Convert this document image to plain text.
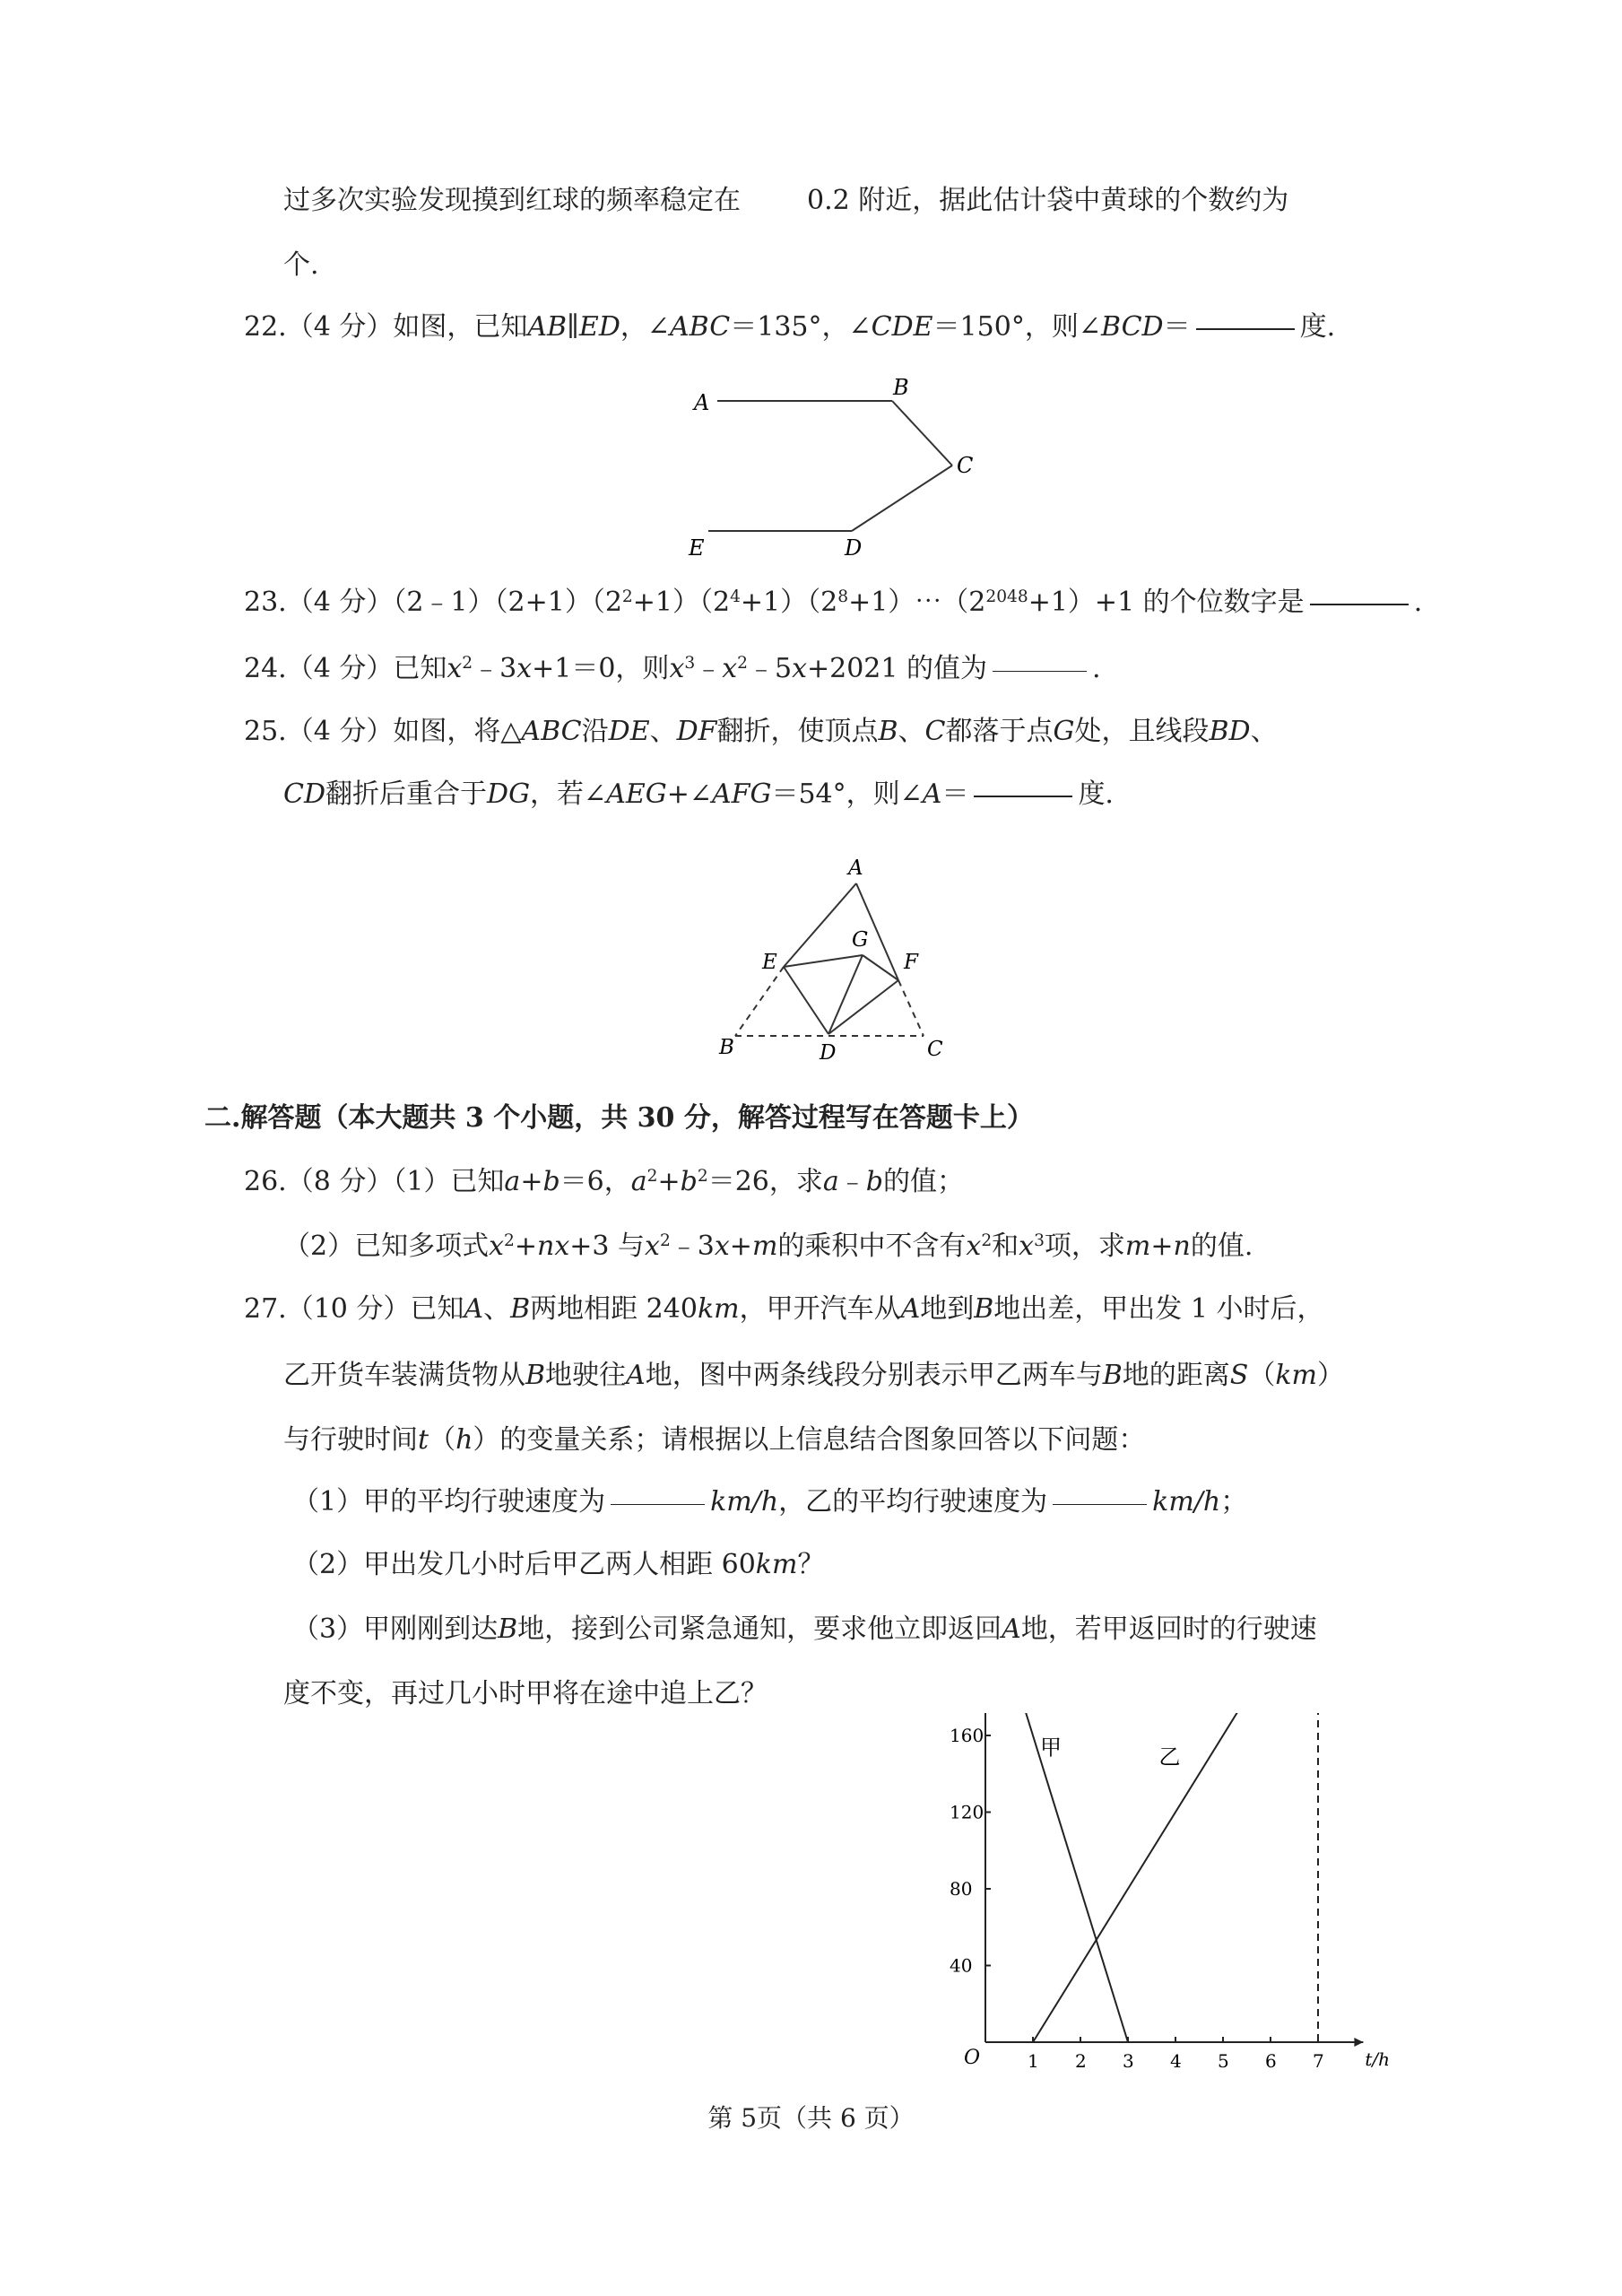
过多次实验发现摸到红球的频率稳定在 0.2 附近，据此估计袋中黄球的个数约为
个.
22.（4 分）如图，已知AB∥ED，∠ABC＝135°，∠CDE＝150°，则∠BCD＝	度.
A
B
C
D
E
23.（4 分）$(2﹣1)(2+1)(2^2+1)(2^4+1)(2^8+1)\cdots(2^{2048}+1)+1$ 的个位数字是	.
24.（4 分）已知$x^2﹣3x+1=0$，则$x^3﹣x^2﹣5x+2021$ 的值为	.
25.（4 分）如图，将△ABC沿DE、DF翻折，使顶点B、C都落于点G处，且线段BD、
CD翻折后重合于DG，若∠AEG+∠AFG＝54°，则∠A＝	度.
A
B	C
D
E	F
G
二.解答题（本大题共 3 个小题，共 30 分，解答过程写在答题卡上）
26.（8 分）（1）已知a+b＝6，$a^2+b^2=26$，求a﹣b的值；
（2）已知多项式$x^2+nx+3$ 与$x^2﹣3x+m$的乘积中不含有$x^2$和$x^3$项，求m+n的值.
27.（10 分）已知A、B两地相距 240km，甲开汽车从A地到B地出差，甲出发 1 小时后，
乙开货车装满货物从B地驶往A地，图中两条线段分别表示甲乙两车与B地的距离S（km）
与行驶时间t（h）的变量关系；请根据以上信息结合图象回答以下问题：
（1）甲的平均行驶速度为	km/h，乙的平均行驶速度为	km/h；
（2）甲出发几小时后甲乙两人相距 60km？
（3）甲刚刚到达B地，接到公司紧急通知，要求他立即返回A地，若甲返回时的行驶速
度不变，再过几小时甲将在途中追上乙？
t/h
O	1 2 3 4 5 6 7
40
80
120
160	甲	乙
第 5页（共 6 页）
